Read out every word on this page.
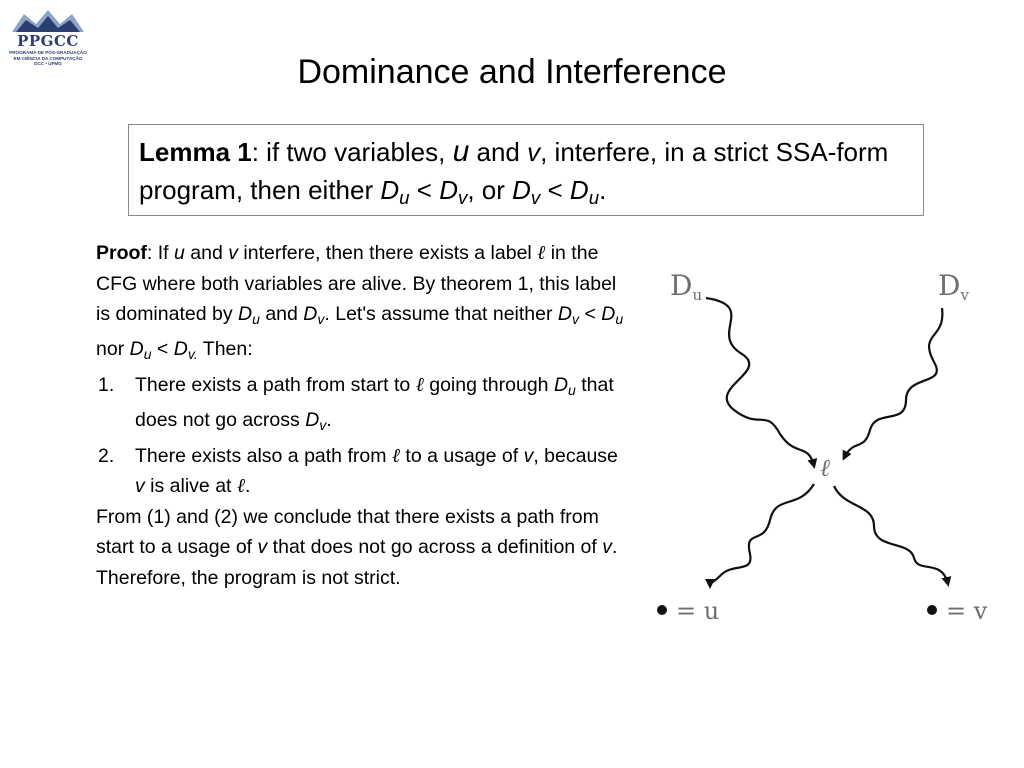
PPGCC
PROGRAMA DE PÓS-GRADUAÇÃO
EM CIÊNCIA DA COMPUTAÇÃO
DCC • UFMG	Dominance and Interference
Lemma 1: if two variables, u and v, interfere, in a strict SSA-form program, then either $D_u < D_v$, or $D_v < D_u$.

Proof: If u and v interfere, then there exists a label ℓ in the CFG where both variables are alive. By theorem 1, this label is dominated by $D_u$ and $D_v$. Let's assume that neither $D_v < D_u$ nor $D_u < D_{v.}$ Then:

1. There exists a path from start to ℓ going through $D_u$ that does not go across $D_v$.
2. There exists also a path from ℓ to a usage of v, because v is alive at ℓ.

From (1) and (2) we conclude that there exists a path from start to a usage of v that does not go across a definition of v. Therefore, the program is not strict.

Du	Dv
ℓ
= u	= v
